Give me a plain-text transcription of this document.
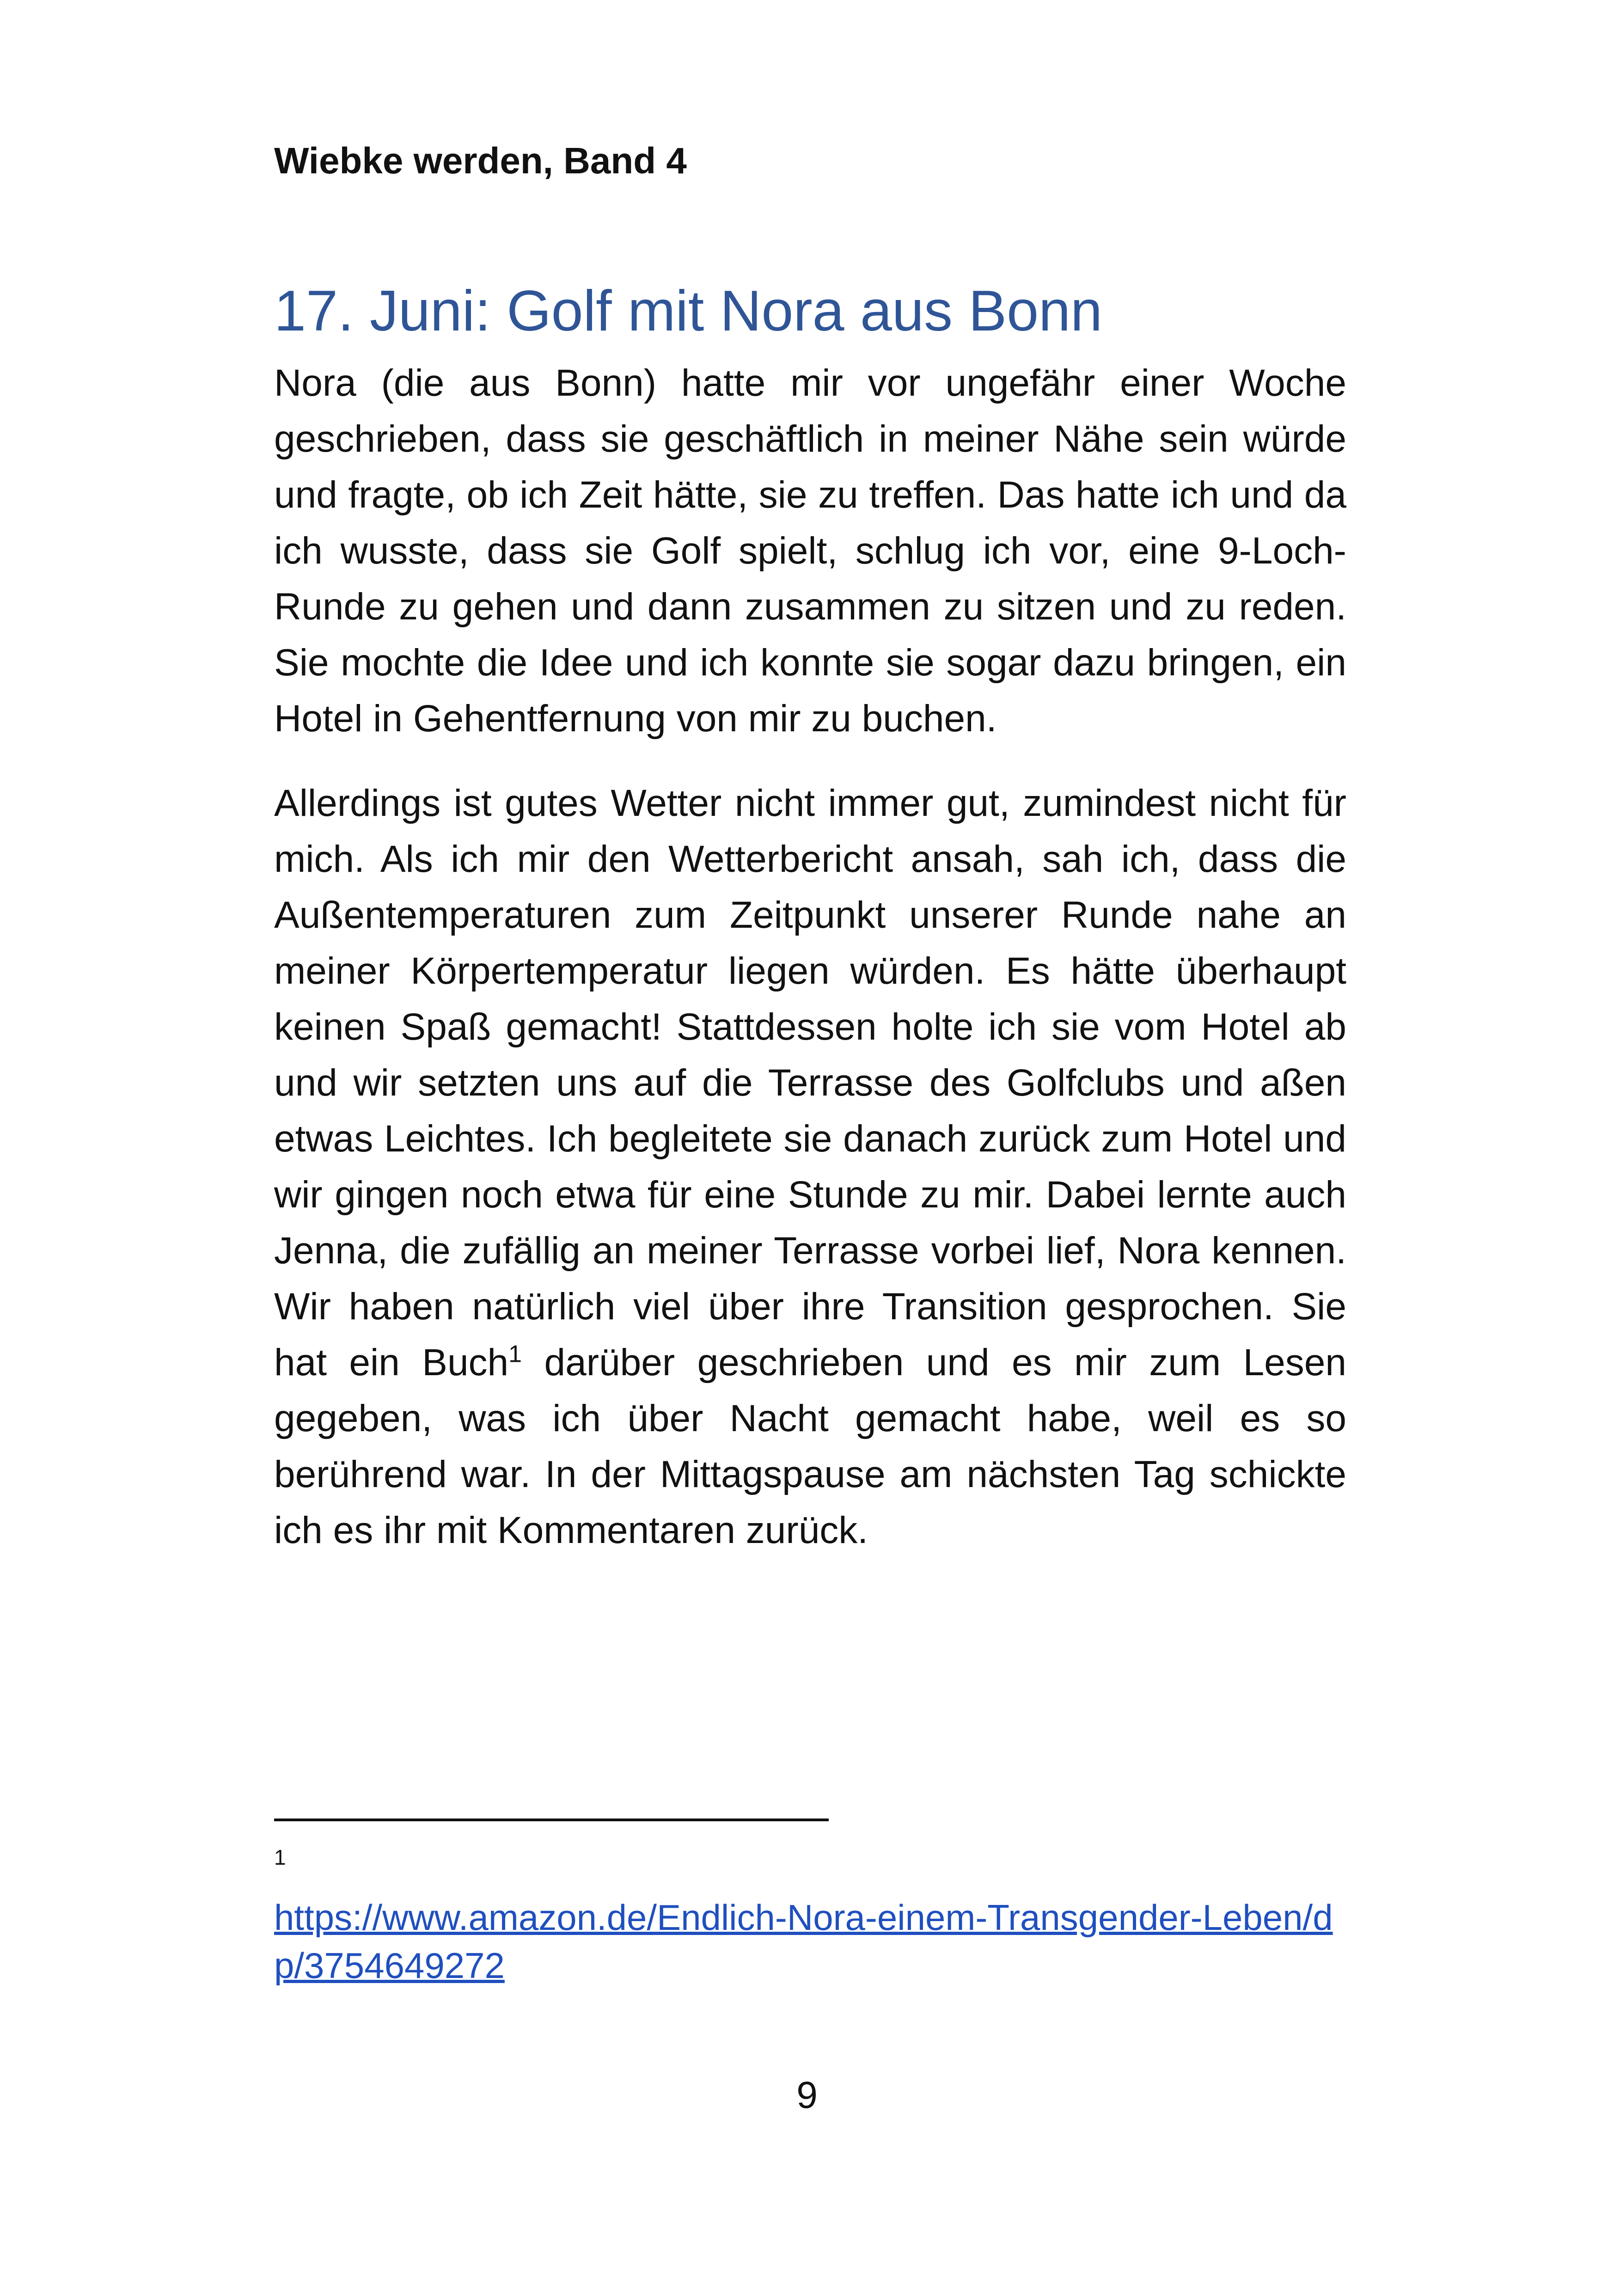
Wiebke werden, Band 4
17. Juni: Golf mit Nora aus Bonn

Nora (die aus Bonn) hatte mir vor ungefähr einer Woche geschrieben, dass sie geschäftlich in meiner Nähe sein würde und fragte, ob ich Zeit hätte, sie zu treffen. Das hatte ich und da ich wusste, dass sie Golf spielt, schlug ich vor, eine 9-Loch-Runde zu gehen und dann zusammen zu sitzen und zu reden. Sie mochte die Idee und ich konnte sie sogar dazu bringen, ein Hotel in Gehentfernung von mir zu buchen.

Allerdings ist gutes Wetter nicht immer gut, zumindest nicht für mich. Als ich mir den Wetterbericht ansah, sah ich, dass die Außentemperaturen zum Zeitpunkt unserer Runde nahe an meiner Körpertemperatur liegen würden. Es hätte überhaupt keinen Spaß gemacht! Stattdessen holte ich sie vom Hotel ab und wir setzten uns auf die Terrasse des Golfclubs und aßen etwas Leichtes. Ich begleitete sie danach zurück zum Hotel und wir gingen noch etwa für eine Stunde zu mir. Dabei lernte auch Jenna, die zufällig an meiner Terrasse vorbei lief, Nora kennen. Wir haben natürlich viel über ihre Transition gesprochen. Sie hat ein Buch$^1$ darüber geschrieben und es mir zum Lesen gegeben, was ich über Nacht gemacht habe, weil es so berührend war. In der Mittagspause am nächsten Tag schickte ich es ihr mit Kommentaren zurück.

1
https://www.amazon.de/Endlich-Nora-einem-Transgender-Leben/dp/3754649272
9
